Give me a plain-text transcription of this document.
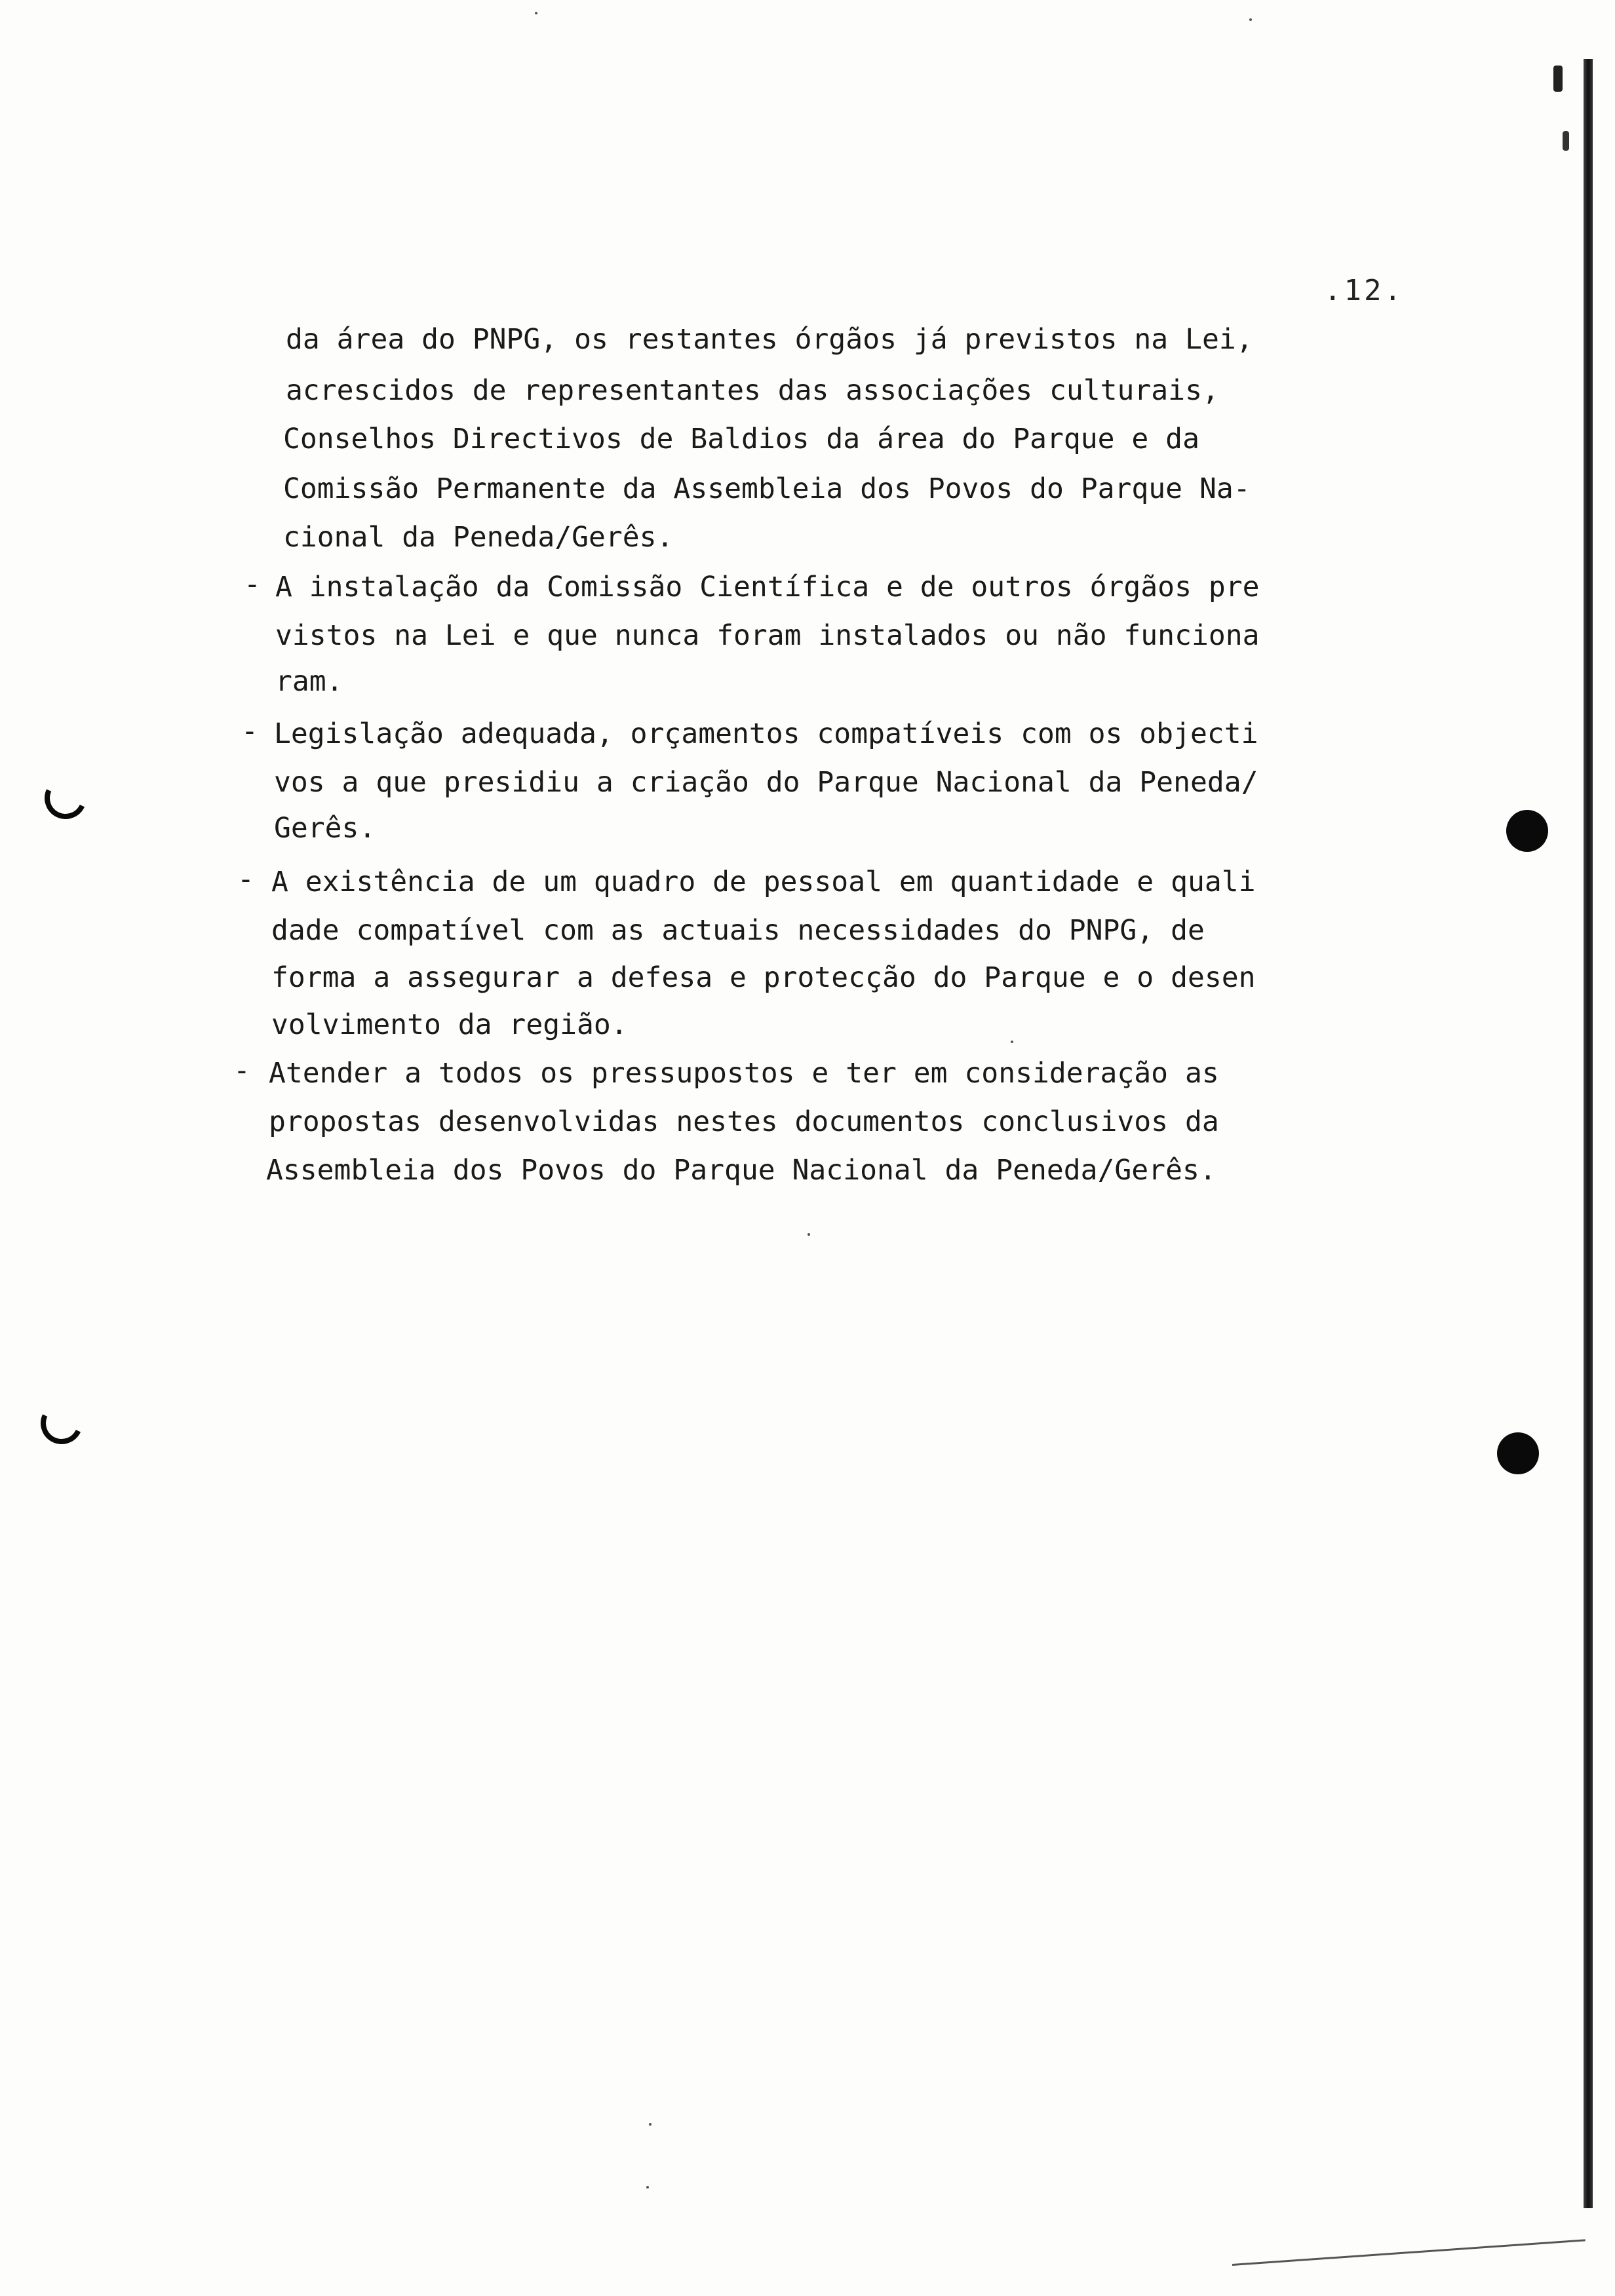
.12.
da área do PNPG, os restantes órgãos já previstos na Lei,
acrescidos de representantes das associações culturais,
Conselhos Directivos de Baldios da área do Parque e da
Comissão Permanente da Assembleia dos Povos do Parque Na-
cional da Peneda/Gerês.
- A instalação da Comissão Científica e de outros órgãos pre
vistos na Lei e que nunca foram instalados ou não funciona
ram.
- Legislação adequada, orçamentos compatíveis com os objecti
vos a que presidiu a criação do Parque Nacional da Peneda/
Gerês.
- A existência de um quadro de pessoal em quantidade e quali
dade compatível com as actuais necessidades do PNPG, de
forma a assegurar a defesa e protecção do Parque e o desen
volvimento da região.
- Atender a todos os pressupostos e ter em consideração as
propostas desenvolvidas nestes documentos conclusivos da
Assembleia dos Povos do Parque Nacional da Peneda/Gerês.
